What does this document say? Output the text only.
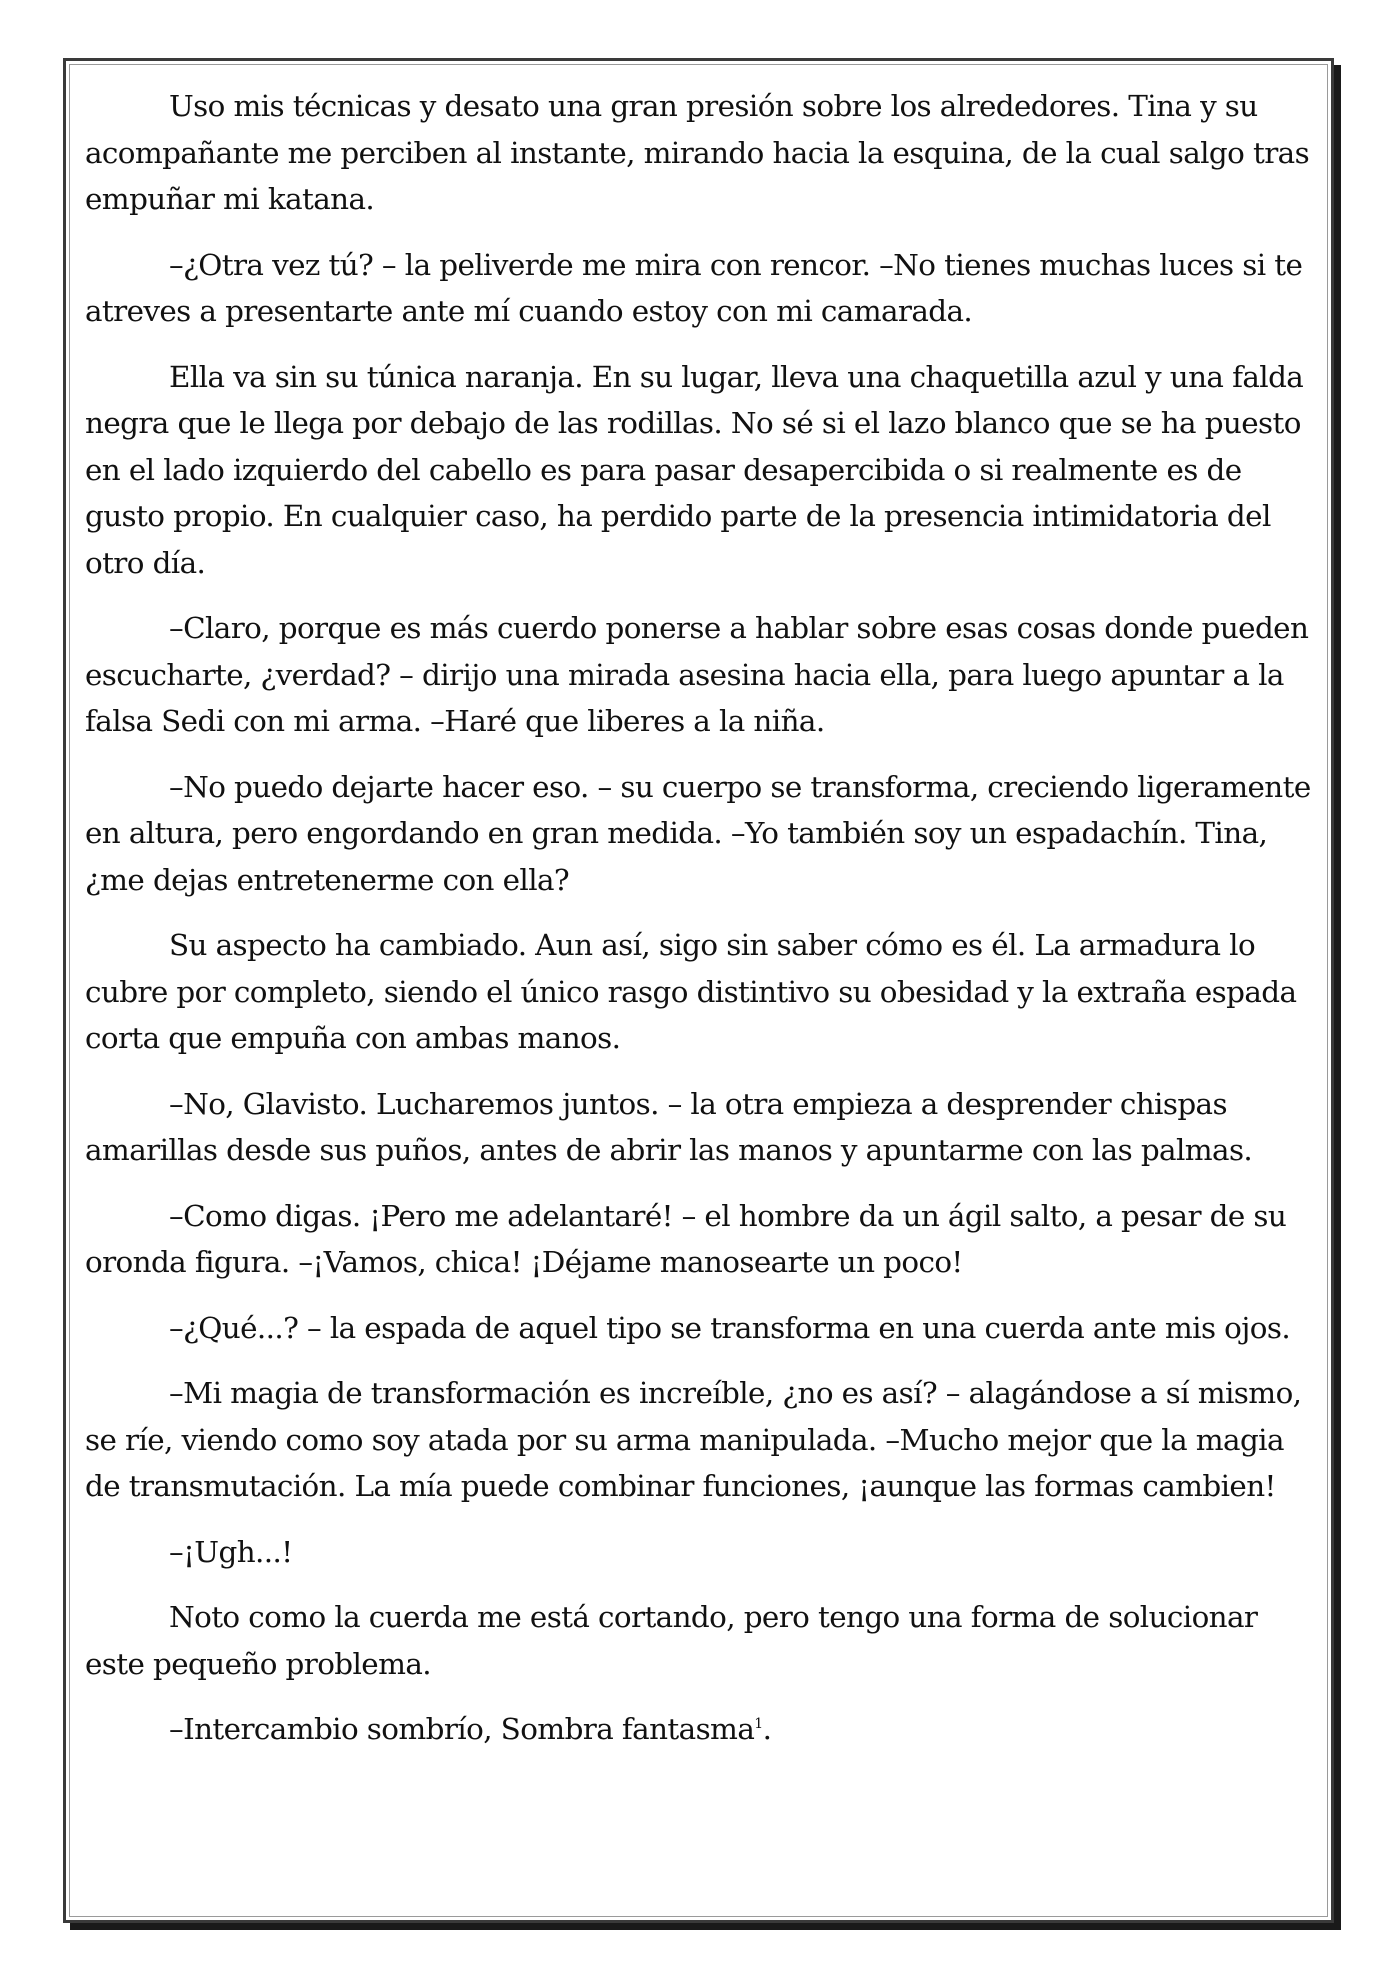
Uso mis técnicas y desato una gran presión sobre los alrededores. Tina y su acompañante me perciben al instante, mirando hacia la esquina, de la cual salgo tras empuñar mi katana.

–¿Otra vez tú? – la peliverde me mira con rencor. –No tienes muchas luces si te atreves a presentarte ante mí cuando estoy con mi camarada.

Ella va sin su túnica naranja. En su lugar, lleva una chaquetilla azul y una falda negra que le llega por debajo de las rodillas. No sé si el lazo blanco que se ha puesto en el lado izquierdo del cabello es para pasar desapercibida o si realmente es de gusto propio. En cualquier caso, ha perdido parte de la presencia intimidatoria del otro día.

–Claro, porque es más cuerdo ponerse a hablar sobre esas cosas donde pueden escucharte, ¿verdad? – dirijo una mirada asesina hacia ella, para luego apuntar a la falsa Sedi con mi arma. –Haré que liberes a la niña.

–No puedo dejarte hacer eso. – su cuerpo se transforma, creciendo ligeramente en altura, pero engordando en gran medida. –Yo también soy un espadachín. Tina, ¿me dejas entretenerme con ella?

Su aspecto ha cambiado. Aun así, sigo sin saber cómo es él. La armadura lo cubre por completo, siendo el único rasgo distintivo su obesidad y la extraña espada corta que empuña con ambas manos.

–No, Glavisto. Lucharemos juntos. – la otra empieza a desprender chispas amarillas desde sus puños, antes de abrir las manos y apuntarme con las palmas.

–Como digas. ¡Pero me adelantaré! – el hombre da un ágil salto, a pesar de su oronda figura. –¡Vamos, chica! ¡Déjame manosearte un poco!

–¿Qué...? – la espada de aquel tipo se transforma en una cuerda ante mis ojos.

–Mi magia de transformación es increíble, ¿no es así? – alagándose a sí mismo, se ríe, viendo como soy atada por su arma manipulada. –Mucho mejor que la magia de transmutación. La mía puede combinar funciones, ¡aunque las formas cambien!

–¡Ugh...!

Noto como la cuerda me está cortando, pero tengo una forma de solucionar este pequeño problema.

–Intercambio sombrío, Sombra fantasma$^1$.
